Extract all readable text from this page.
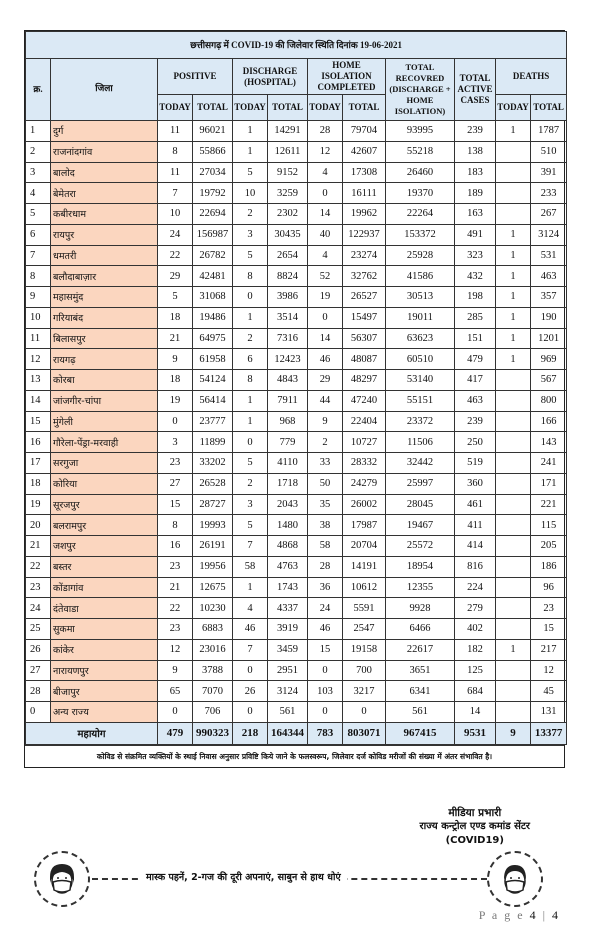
छत्तीसगढ़ में COVID-19 की जिलेवार स्थिति दिनांक 19-06-2021											
क्र.	जिला	POSITIVE		DISCHARGE (HOSPITAL)		HOME ISOLATION COMPLETED		TOTAL RECOVRED (DISCHARGE + HOME ISOLATION)	TOTAL ACTIVE CASES	DEATHS	
		TODAY	TOTAL	TODAY	TOTAL	TODAY	TOTAL			TODAY	TOTAL
1	दुर्ग	11	96021	1	14291	28	79704	93995	239	1	1787
2	राजनांदगांव	8	55866	1	12611	12	42607	55218	138		510
3	बालोद	11	27034	5	9152	4	17308	26460	183		391
4	बेमेतरा	7	19792	10	3259	0	16111	19370	189		233
5	कबीरधाम	10	22694	2	2302	14	19962	22264	163		267
6	रायपुर	24	156987	3	30435	40	122937	153372	491	1	3124
7	धमतरी	22	26782	5	2654	4	23274	25928	323	1	531
8	बलौदाबाज़ार	29	42481	8	8824	52	32762	41586	432	1	463
9	महासमुंद	5	31068	0	3986	19	26527	30513	198	1	357
10	गरियाबंद	18	19486	1	3514	0	15497	19011	285	1	190
11	बिलासपुर	21	64975	2	7316	14	56307	63623	151	1	1201
12	रायगढ़	9	61958	6	12423	46	48087	60510	479	1	969
13	कोरबा	18	54124	8	4843	29	48297	53140	417		567
14	जांजगीर-चांपा	19	56414	1	7911	44	47240	55151	463		800
15	मुंगेली	0	23777	1	968	9	22404	23372	239		166
16	गौरेला-पेंड्रा-मरवाही	3	11899	0	779	2	10727	11506	250		143
17	सरगुजा	23	33202	5	4110	33	28332	32442	519		241
18	कोरिया	27	26528	2	1718	50	24279	25997	360		171
19	सूरजपुर	15	28727	3	2043	35	26002	28045	461		221
20	बलरामपुर	8	19993	5	1480	38	17987	19467	411		115
21	जशपुर	16	26191	7	4868	58	20704	25572	414		205
22	बस्तर	23	19956	58	4763	28	14191	18954	816		186
23	कोंडागांव	21	12675	1	1743	36	10612	12355	224		96
24	दंतेवाडा	22	10230	4	4337	24	5591	9928	279		23
25	सुकमा	23	6883	46	3919	46	2547	6466	402		15
26	कांकेर	12	23016	7	3459	15	19158	22617	182	1	217
27	नारायणपुर	9	3788	0	2951	0	700	3651	125		12
28	बीजापुर	65	7070	26	3124	103	3217	6341	684		45
0	अन्य राज्य	0	706	0	561	0	0	561	14		131
महायोग		479	990323	218	164344	783	803071	967415	9531	9	13377
कोविड से संक्रमित व्यक्तियों के स्थाई निवास अनुसार प्रविष्टि किये जाने के फलस्वरूप, जिलेवार दर्ज कोविड मरीजों की संख्या में अंतर संभावित है।
मीडिया प्रभारी
राज्य कन्ट्रोल एण्ड कमांड सेंटर
(COVID19)
मास्क पहनें, 2-गज की दूरी अपनाएं, साबुन से हाथ धोएं
P a g e 4 | 4
